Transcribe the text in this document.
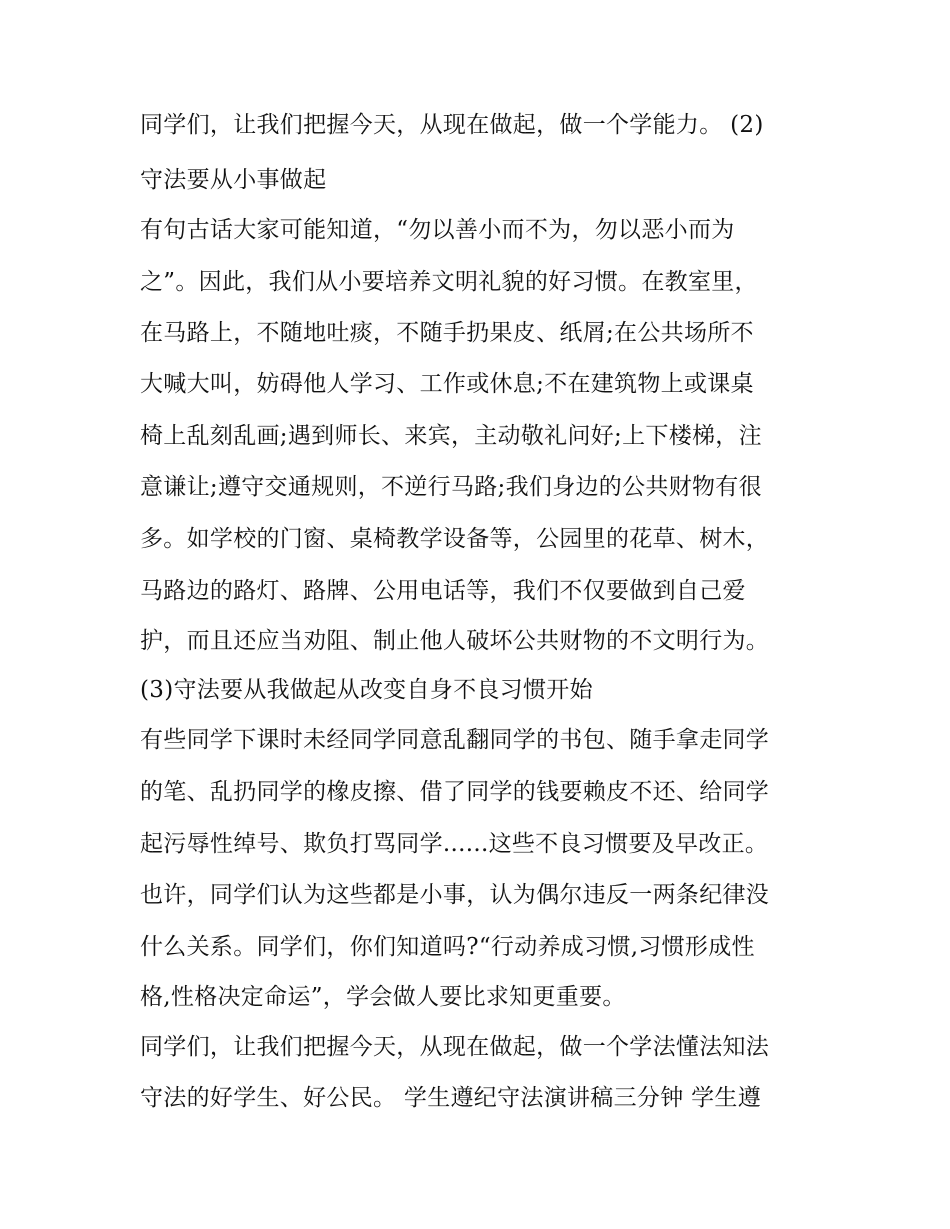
同学们，让我们把握今天，从现在做起，做一个学能力。 (2)
守法要从小事做起
有句古话大家可能知道，“勿以善小而不为，勿以恶小而为
之”。因此，我们从小要培养文明礼貌的好习惯。在教室里，
在马路上，不随地吐痰，不随手扔果皮、纸屑;在公共场所不
大喊大叫，妨碍他人学习、工作或休息;不在建筑物上或课桌
椅上乱刻乱画;遇到师长、来宾，主动敬礼问好;上下楼梯，注
意谦让;遵守交通规则，不逆行马路;我们身边的公共财物有很
多。如学校的门窗、桌椅教学设备等，公园里的花草、树木，
马路边的路灯、路牌、公用电话等，我们不仅要做到自己爱
护，而且还应当劝阻、制止他人破坏公共财物的不文明行为。
(3)守法要从我做起从改变自身不良习惯开始
有些同学下课时未经同学同意乱翻同学的书包、随手拿走同学
的笔、乱扔同学的橡皮擦、借了同学的钱要赖皮不还、给同学
起污辱性绰号、欺负打骂同学......这些不良习惯要及早改正。
也许，同学们认为这些都是小事，认为偶尔违反一两条纪律没
什么关系。同学们，你们知道吗?“行动养成习惯,习惯形成性
格,性格决定命运”，学会做人要比求知更重要。
同学们，让我们把握今天，从现在做起，做一个学法懂法知法
守法的好学生、好公民。 学生遵纪守法演讲稿三分钟 学生遵
